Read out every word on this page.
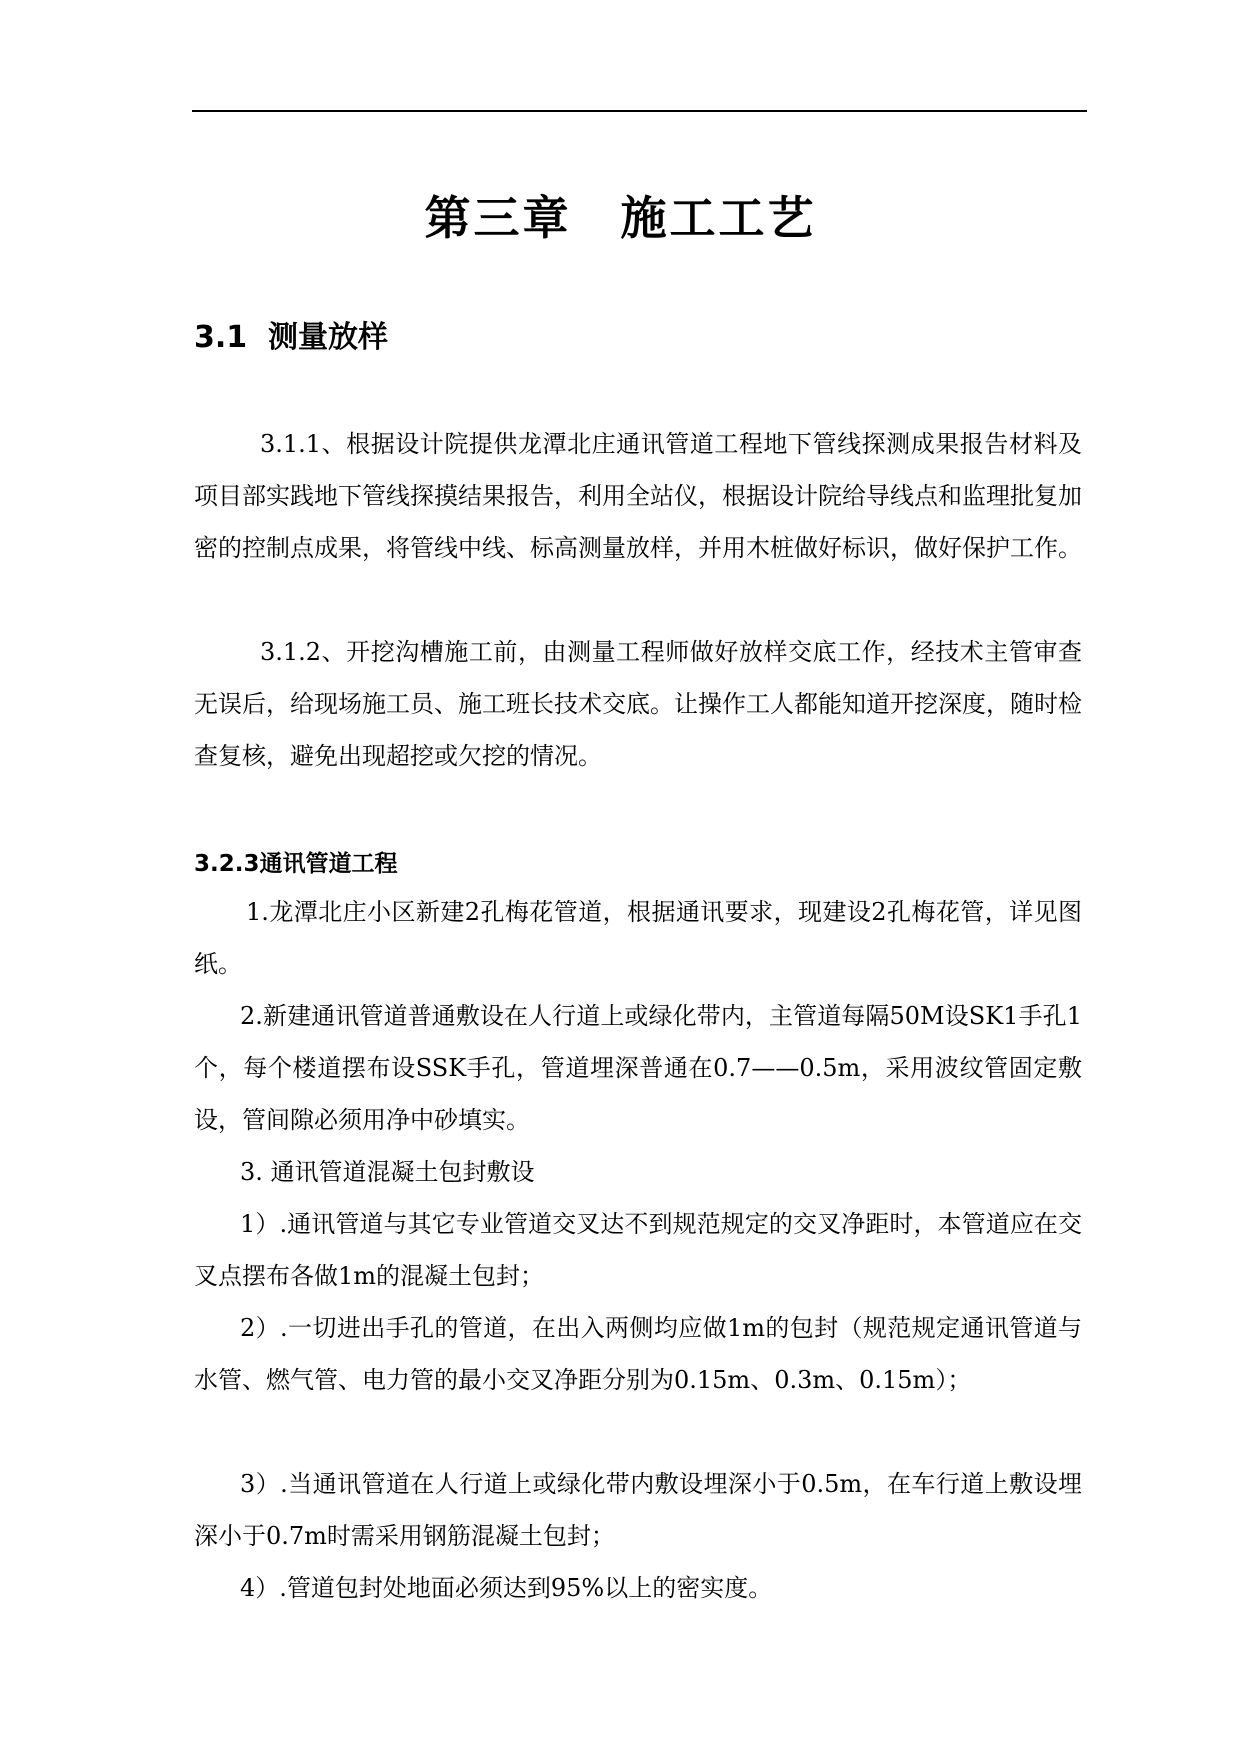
第三章　施工工艺
3.1  测量放样

3.1.1、根据设计院提供龙潭北庄通讯管道工程地下管线探测成果报告材料及项目部实践地下管线探摸结果报告，利用全站仪，根据设计院给导线点和监理批复加密的控制点成果，将管线中线、标高测量放样，并用木桩做好标识，做好保护工作。

3.1.2、开挖沟槽施工前，由测量工程师做好放样交底工作，经技术主管审查无误后，给现场施工员、施工班长技术交底。让操作工人都能知道开挖深度，随时检查复核，避免出现超挖或欠挖的情况。

3.2.3通讯管道工程

1.龙潭北庄小区新建2孔梅花管道，根据通讯要求，现建设2孔梅花管，详见图纸。

2.新建通讯管道普通敷设在人行道上或绿化带内，主管道每隔50M设SK1手孔1个，每个楼道摆布设SSK手孔，管道埋深普通在0.7——0.5m，采用波纹管固定敷设，管间隙必须用净中砂填实。

3. 通讯管道混凝土包封敷设

1）.通讯管道与其它专业管道交叉达不到规范规定的交叉净距时，本管道应在交叉点摆布各做1m的混凝土包封；

2）.一切进出手孔的管道，在出入两侧均应做1m的包封（规范规定通讯管道与水管、燃气管、电力管的最小交叉净距分别为0.15m、0.3m、0.15m）；

3）.当通讯管道在人行道上或绿化带内敷设埋深小于0.5m，在车行道上敷设埋深小于0.7m时需采用钢筋混凝土包封；

4）.管道包封处地面必须达到95%以上的密实度。
